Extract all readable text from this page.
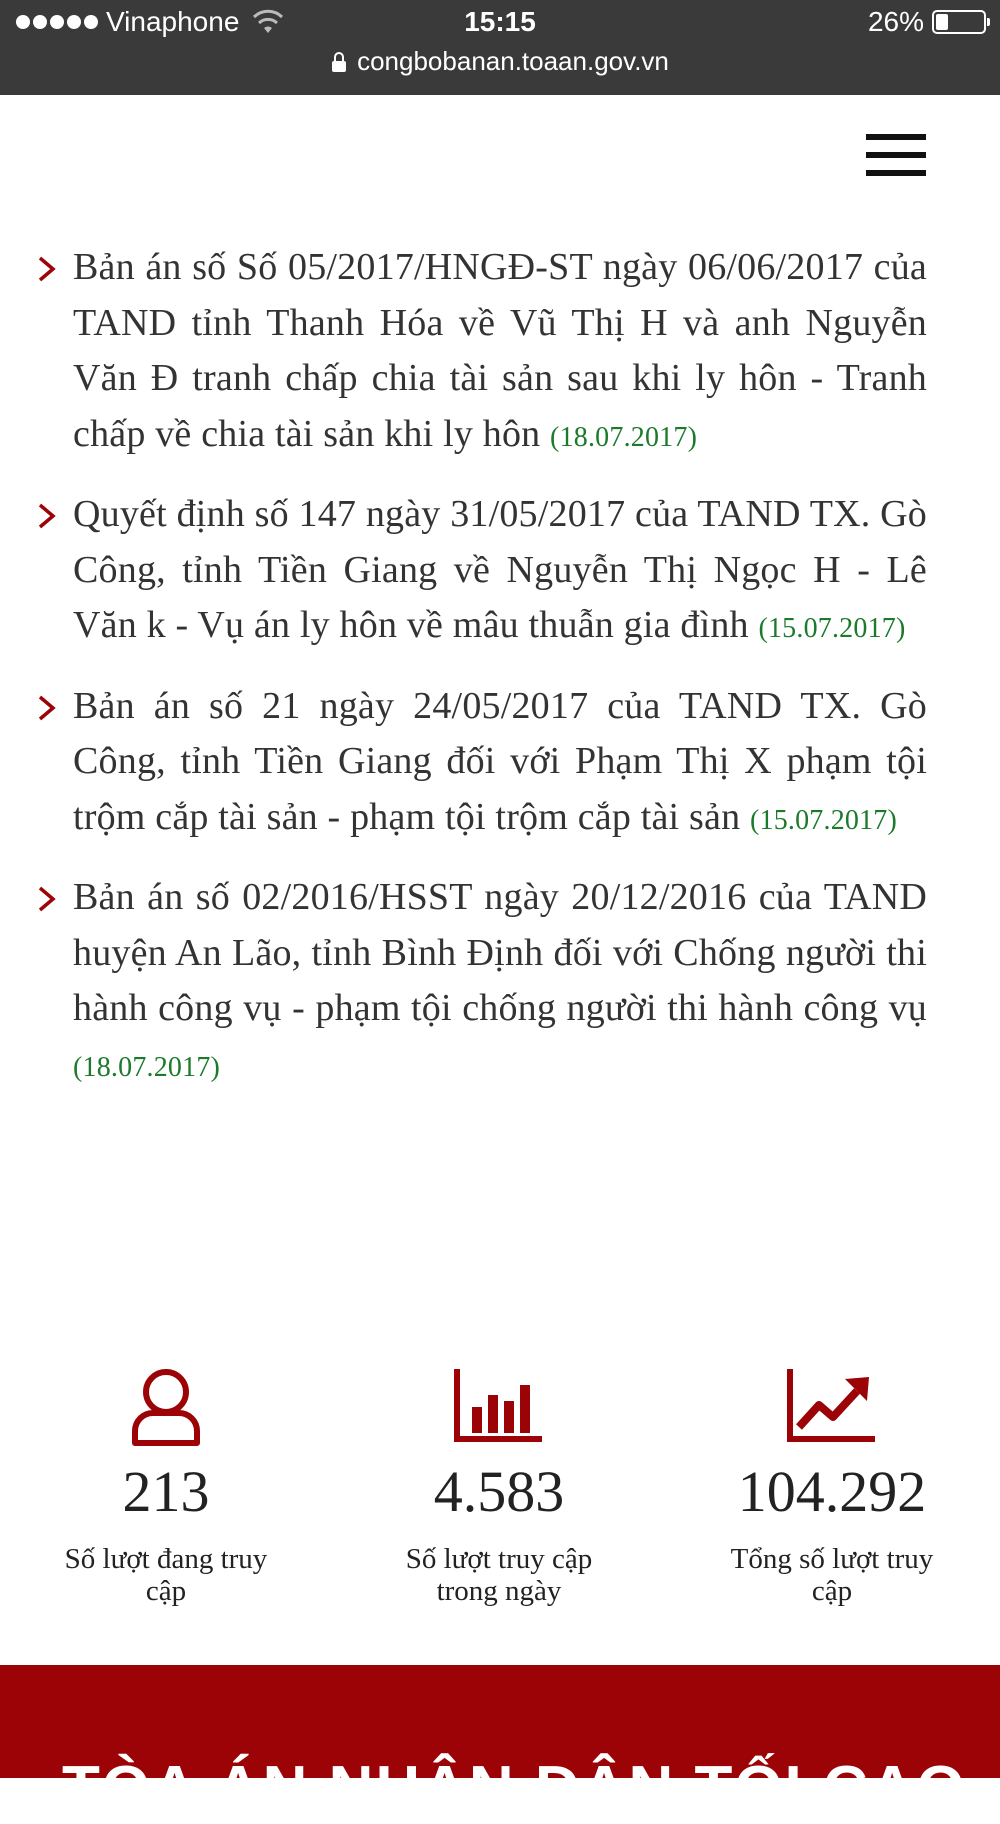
Vinaphone	15:15	26%
congbobanan.toaan.gov.vn
Bản án số Số 05/2017/HNGĐ-ST ngày 06/06/2017 của TAND tỉnh Thanh Hóa về Vũ Thị H và anh Nguyễn Văn Đ tranh chấp chia tài sản sau khi ly hôn - Tranh chấp về chia tài sản khi ly hôn (18.07.2017)
Quyết định số 147 ngày 31/05/2017 của TAND TX. Gò Công, tỉnh Tiền Giang về Nguyễn Thị Ngọc H - Lê Văn k - Vụ án ly hôn về mâu thuẫn gia đình (15.07.2017)
Bản án số 21 ngày 24/05/2017 của TAND TX. Gò Công, tỉnh Tiền Giang đối với Phạm Thị X phạm tội trộm cắp tài sản - phạm tội trộm cắp tài sản (15.07.2017)
Bản án số 02/2016/HSST ngày 20/12/2016 của TAND huyện An Lão, tỉnh Bình Định đối với Chống người thi hành công vụ - phạm tội chống người thi hành công vụ (18.07.2017)
213
Số lượt đang truy cập
4.583
Số lượt truy cập trong ngày
104.292
Tổng số lượt truy cập
TÒA ÁN NHÂN DÂN TỐI CAO
